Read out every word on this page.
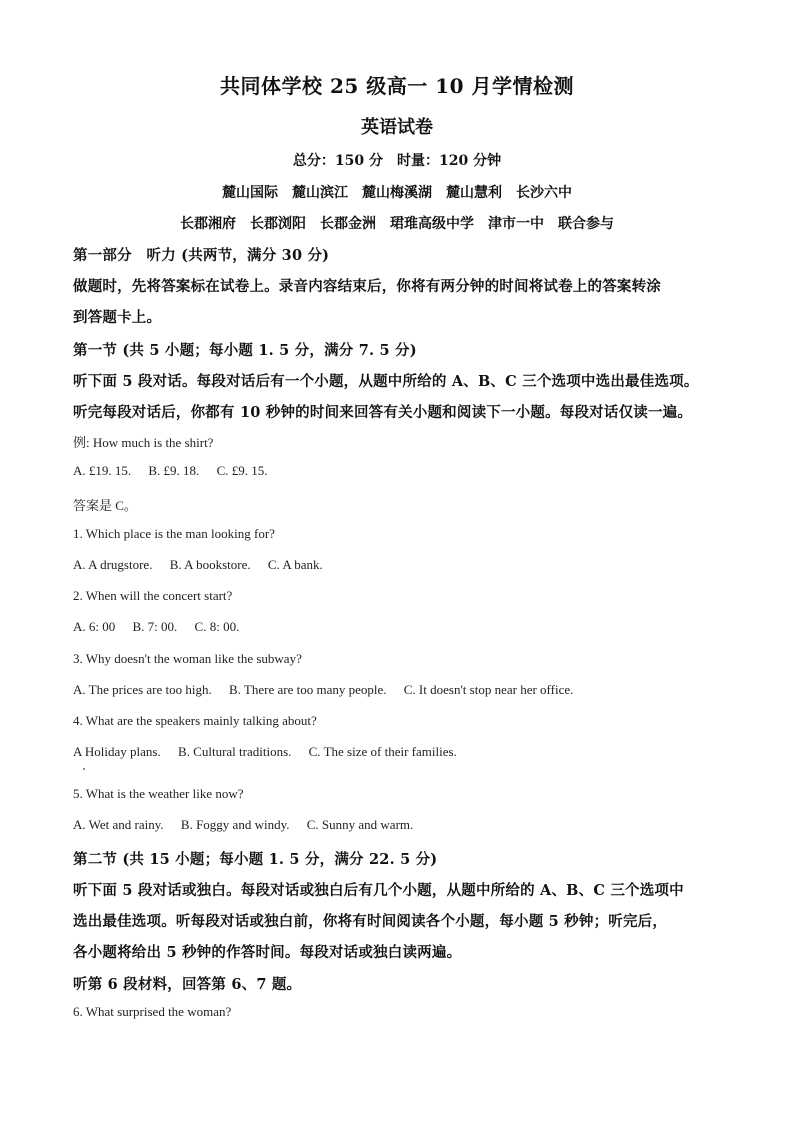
共同体学校 25 级高一 10 月学情检测
英语试卷
总分：150 分　时量：120 分钟
麓山国际　麓山滨江　麓山梅溪湖　麓山慧利　长沙六中
长郡湘府　长郡浏阳　长郡金洲　珺琟高级中学　津市一中　联合参与
第一部分　听力 (共两节，满分 30 分)
做题时，先将答案标在试卷上。录音内容结束后，你将有两分钟的时间将试卷上的答案转涂
到答题卡上。
第一节 (共 5 小题；每小题 1. 5 分，满分 7. 5 分)
听下面 5 段对话。每段对话后有一个小题，从题中所给的 A、B、C 三个选项中选出最佳选项。
听完每段对话后，你都有 10 秒钟的时间来回答有关小题和阅读下一小题。每段对话仅读一遍。
例: How much is the shirt?
A. £19. 15. B. £9. 18. C. £9. 15.
答案是 C。
1. Which place is the man looking for?
A. A drugstore. B. A bookstore. C. A bank.
2. When will the concert start?
A. 6: 00 B. 7: 00. C. 8: 00.
3. Why doesn't the woman like the subway?
A. The prices are too high. B. There are too many people. C. It doesn't stop near her office.
4. What are the speakers mainly talking about?
A Holiday plans. B. Cultural traditions. C. The size of their families.
5. What is the weather like now?
A. Wet and rainy. B. Foggy and windy. C. Sunny and warm.
第二节 (共 15 小题；每小题 1. 5 分，满分 22. 5 分)
听下面 5 段对话或独白。每段对话或独白后有几个小题，从题中所给的 A、B、C 三个选项中
选出最佳选项。听每段对话或独白前，你将有时间阅读各个小题，每小题 5 秒钟；听完后，
各小题将给出 5 秒钟的作答时间。每段对话或独白读两遍。
听第 6 段材料，回答第 6、7 题。
6. What surprised the woman?
